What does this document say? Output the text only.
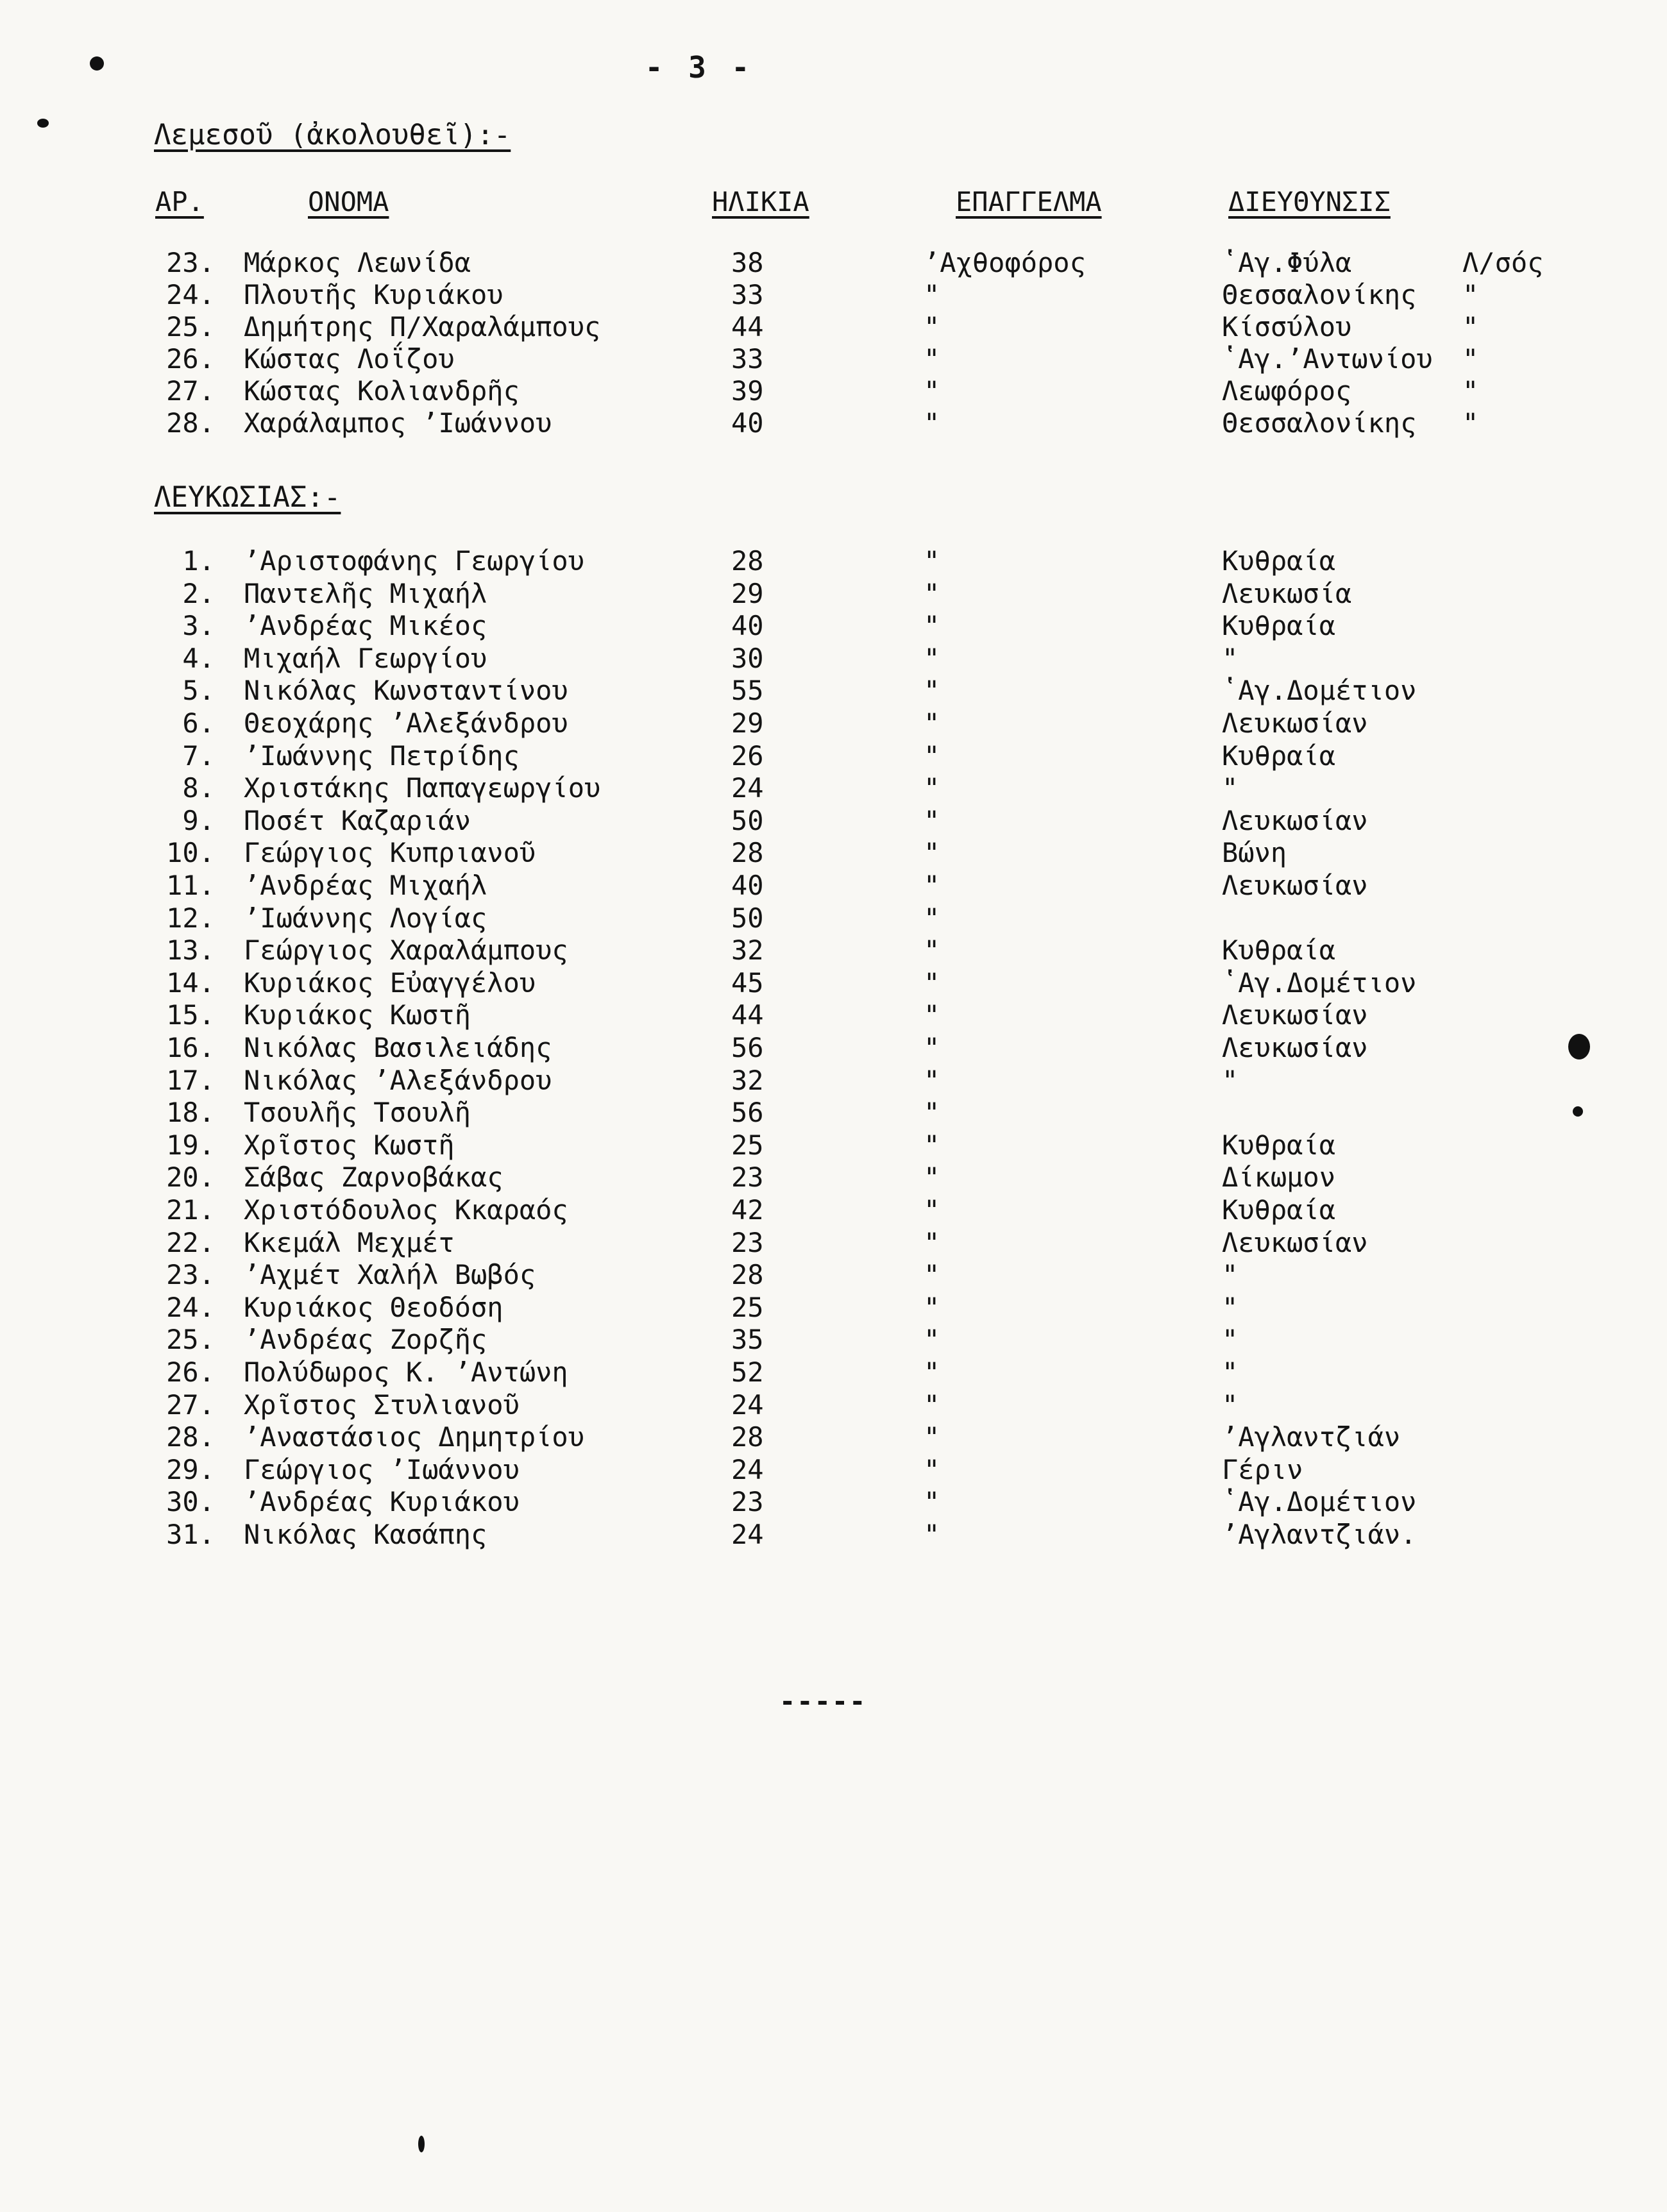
- 3 -
Λεμεσοῦ (ἀκολουθεῖ):-
ΑΡ.	ΟΝΟΜΑ	ΗΛΙΚΙΑ	ΕΠΑΓΓΕΛΜΑ	ΔΙΕΥΘΥΝΣΙΣ
23. Μάρκος Λεωνίδα	38	ʼΑχθοφόρος	ʽΑγ.Φύλα	Λ/σός
24. Πλουτῆς Κυριάκου	33	"	Θεσσαλονίκης "
25. Δημήτρης Π/Χαραλάμπους	44	"	Κίσσύλου	"
26. Κώστας Λοΐζου	33	"	ʽΑγ.ʼΑντωνίου "
27. Κώστας Κολιανδρῆς	39	"	Λεωφόρος	"
28. Χαράλαμπος ʼΙωάννου	40	"	Θεσσαλονίκης "
ΛΕΥΚΩΣΙΑΣ:-
1. ʼΑριστοφάνης Γεωργίου	28	"	Κυθραία
2. Παντελῆς Μιχαήλ	29	"	Λευκωσία
3. ʼΑνδρέας Μικέος	40	"	Κυθραία
4. Μιχαήλ Γεωργίου	30	"	"
5. Νικόλας Κωνσταντίνου	55	"	ʽΑγ.Δομέτιον
6. Θεοχάρης ʼΑλεξάνδρου	29	"	Λευκωσίαν
7. ʼΙωάννης Πετρίδης	26	"	Κυθραία
8. Χριστάκης Παπαγεωργίου	24	"	"
9. Ποσέτ Καζαριάν	50	"	Λευκωσίαν
10. Γεώργιος Κυπριανοῦ	28	"	Βώνη
11. ʼΑνδρέας Μιχαήλ	40	"	Λευκωσίαν
12. ʼΙωάννης Λογίας	50	"
13. Γεώργιος Χαραλάμπους	32	"	Κυθραία
14. Κυριάκος Εὐαγγέλου	45	"	ʽΑγ.Δομέτιον
15. Κυριάκος Κωστῆ	44	"	Λευκωσίαν
16. Νικόλας Βασιλειάδης	56	"	Λευκωσίαν
17. Νικόλας ʼΑλεξάνδρου	32	"	"
18. Τσουλῆς Τσουλῆ	56	"
19. Χρῖστος Κωστῆ	25	"	Κυθραία
20. Σάβας Ζαρνοβάκας	23	"	Δίκωμον
21. Χριστόδουλος Κκαραός	42	"	Κυθραία
22. Κκεμάλ Μεχμέτ	23	"	Λευκωσίαν
23. ʼΑχμέτ Χαλήλ Βωβός	28	"	"
24. Κυριάκος Θεοδόση	25	"	"
25. ʼΑνδρέας Ζορζῆς	35	"	"
26. Πολύδωρος Κ. ʼΑντώνη	52	"	"
27. Χρῖστος Στυλιανοῦ	24	"	"
28. ʼΑναστάσιος Δημητρίου	28	"	ʼΑγλαντζιάν
29. Γεώργιος ʼΙωάννου	24	"	Γέριν
30. ʼΑνδρέας Κυριάκου	23	"	ʽΑγ.Δομέτιον
31. Νικόλας Κασάπης	24	"	ʼΑγλαντζιάν.
-----
